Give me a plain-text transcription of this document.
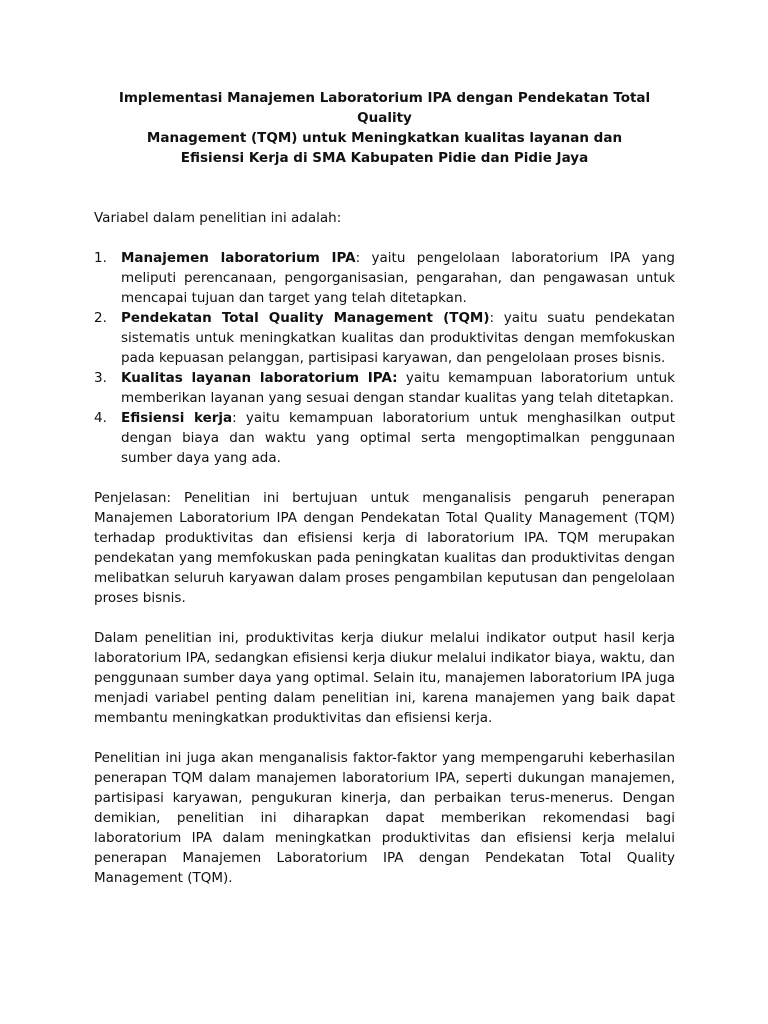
Implementasi Manajemen Laboratorium IPA dengan Pendekatan Total Quality
Management (TQM) untuk Meningkatkan kualitas layanan dan
Efisiensi Kerja di SMA Kabupaten Pidie dan Pidie Jaya

Variabel dalam penelitian ini adalah:

1. Manajemen laboratorium IPA: yaitu pengelolaan laboratorium IPA yang meliputi perencanaan, pengorganisasian, pengarahan, dan pengawasan untuk mencapai tujuan dan target yang telah ditetapkan.
2. Pendekatan Total Quality Management (TQM): yaitu suatu pendekatan sistematis untuk meningkatkan kualitas dan produktivitas dengan memfokuskan pada kepuasan pelanggan, partisipasi karyawan, dan pengelolaan proses bisnis.
3. Kualitas layanan laboratorium IPA: yaitu kemampuan laboratorium untuk memberikan layanan yang sesuai dengan standar kualitas yang telah ditetapkan.
4. Efisiensi kerja: yaitu kemampuan laboratorium untuk menghasilkan output dengan biaya dan waktu yang optimal serta mengoptimalkan penggunaan sumber daya yang ada.

Penjelasan: Penelitian ini bertujuan untuk menganalisis pengaruh penerapan Manajemen Laboratorium IPA dengan Pendekatan Total Quality Management (TQM) terhadap produktivitas dan efisiensi kerja di laboratorium IPA. TQM merupakan pendekatan yang memfokuskan pada peningkatan kualitas dan produktivitas dengan melibatkan seluruh karyawan dalam proses pengambilan keputusan dan pengelolaan proses bisnis.

Dalam penelitian ini, produktivitas kerja diukur melalui indikator output hasil kerja laboratorium IPA, sedangkan efisiensi kerja diukur melalui indikator biaya, waktu, dan penggunaan sumber daya yang optimal. Selain itu, manajemen laboratorium IPA juga menjadi variabel penting dalam penelitian ini, karena manajemen yang baik dapat membantu meningkatkan produktivitas dan efisiensi kerja.

Penelitian ini juga akan menganalisis faktor-faktor yang mempengaruhi keberhasilan penerapan TQM dalam manajemen laboratorium IPA, seperti dukungan manajemen, partisipasi karyawan, pengukuran kinerja, dan perbaikan terus-menerus. Dengan demikian, penelitian ini diharapkan dapat memberikan rekomendasi bagi laboratorium IPA dalam meningkatkan produktivitas dan efisiensi kerja melalui penerapan Manajemen Laboratorium IPA dengan Pendekatan Total Quality Management (TQM).
